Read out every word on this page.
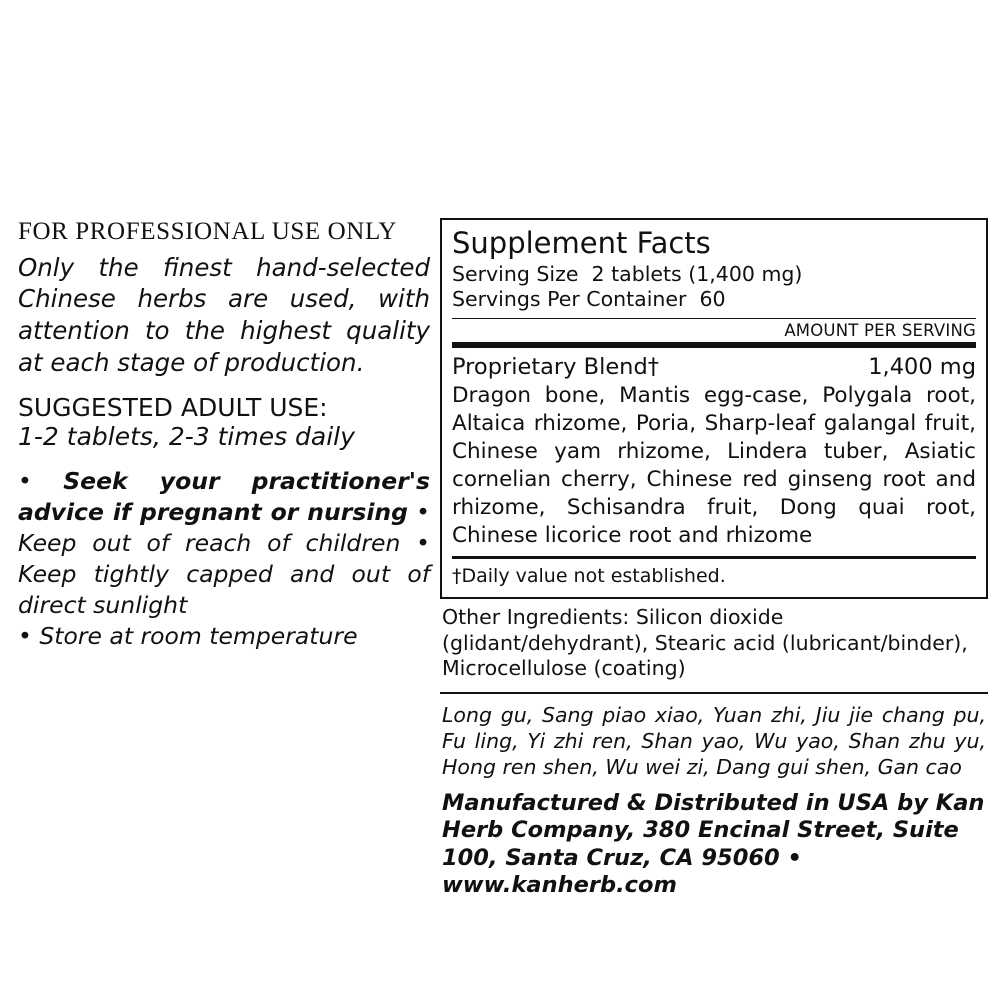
FOR PROFESSIONAL USE ONLY
Only the finest hand-selected Chinese herbs are used, with attention to the highest quality at each stage of production.
SUGGESTED ADULT USE:
1-2 tablets, 2-3 times daily
• Seek your practitioner's advice if pregnant or nursing • Keep out of reach of children • Keep tightly capped and out of direct sunlight
• Store at room temperature
Supplement Facts
Serving Size 2 tablets (1,400 mg)
Servings Per Container 60
AMOUNT PER SERVING
Proprietary Blend†	1,400 mg
Dragon bone, Mantis egg-case, Polygala root, Altaica rhizome, Poria, Sharp-leaf galangal fruit, Chinese yam rhizome, Lindera tuber, Asiatic cornelian cherry, Chinese red ginseng root and rhizome, Schisandra fruit, Dong quai root, Chinese licorice root and rhizome
†Daily value not established.
Other Ingredients: Silicon dioxide (glidant/dehydrant), Stearic acid (lubricant/binder), Microcellulose (coating)
Long gu, Sang piao xiao, Yuan zhi, Jiu jie chang pu, Fu ling, Yi zhi ren, Shan yao, Wu yao, Shan zhu yu, Hong ren shen, Wu wei zi, Dang gui shen, Gan cao
Manufactured & Distributed in USA by Kan Herb Company, 380 Encinal Street, Suite 100, Santa Cruz, CA 95060 • www.kanherb.com
